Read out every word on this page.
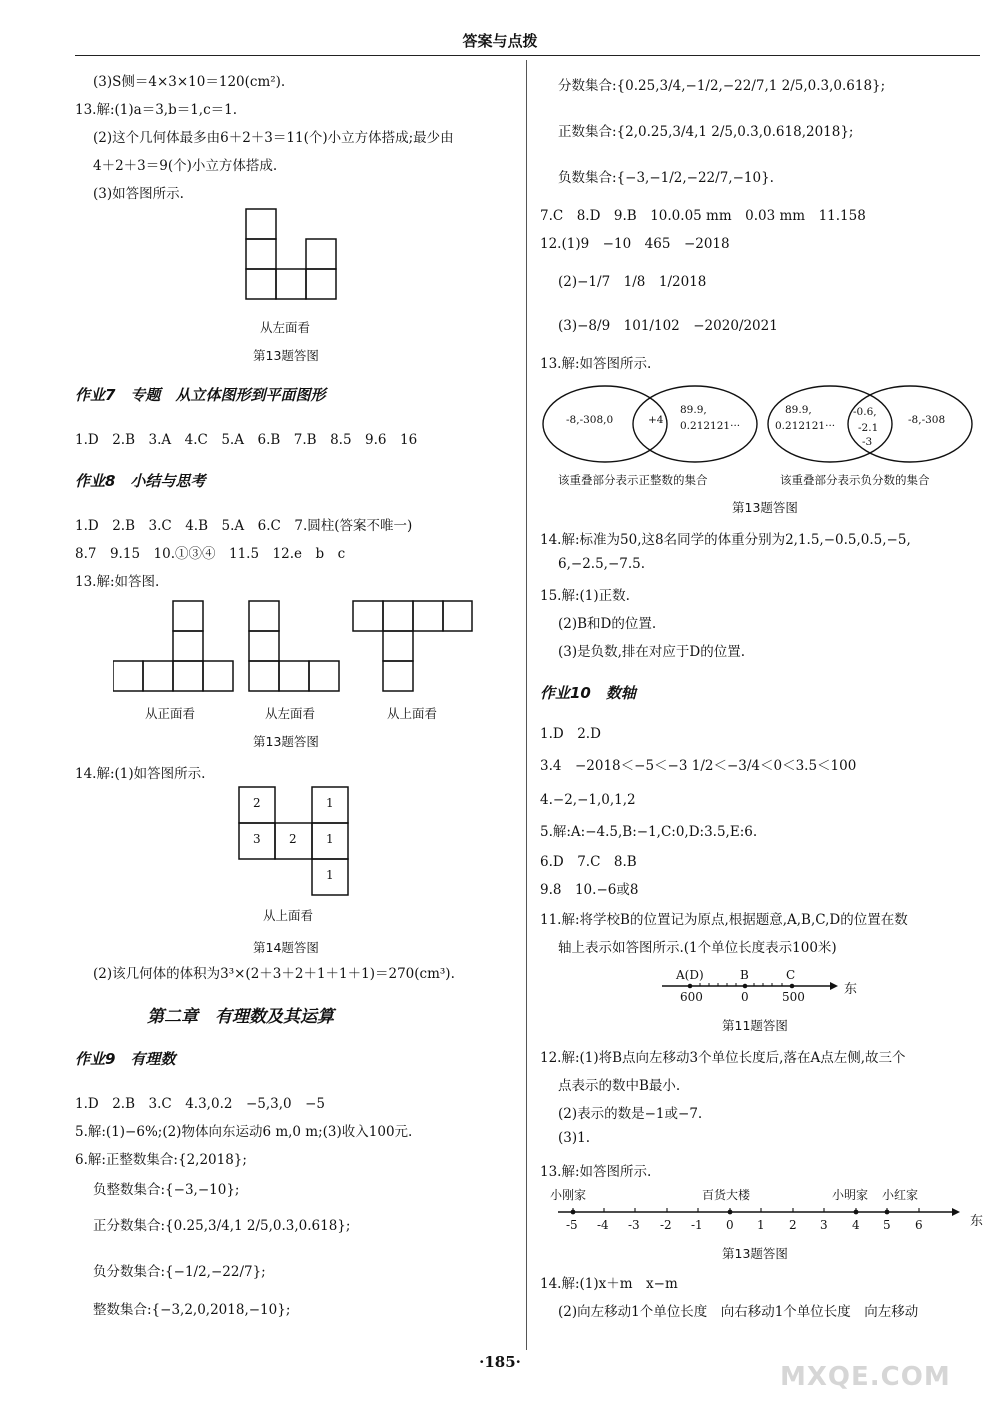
答案与点拨
(3)S侧＝4×3×10＝120(cm²).
13.解:(1)a＝3,b＝1,c＝1.
(2)这个几何体最多由6＋2＋3＝11(个)小立方体搭成;最少由
4＋2＋3＝9(个)小立方体搭成.
(3)如答图所示.
从左面看
第13题答图
作业7　专题　从立体图形到平面图形
1.D　2.B　3.A　4.C　5.A　6.B　7.B　8.5　9.6　16
作业8　小结与思考
1.D　2.B　3.C　4.B　5.A　6.C　7.圆柱(答案不唯一)
8.7　9.15　10.①③④　11.5　12.e　b　c
13.解:如答图.
从正面看	从左面看	从上面看
第13题答图
14.解:(1)如答图所示.
2	1
3 2 1
1
从上面看
第14题答图
(2)该几何体的体积为3³×(2＋3＋2＋1＋1＋1)＝270(cm³).
第二章　有理数及其运算
作业9　有理数
1.D　2.B　3.C　4.3,0.2　−5,3,0　−5
5.解:(1)−6%;(2)物体向东运动6 m,0 m;(3)收入100元.
6.解:正整数集合:{2,2018};
负整数集合:{−3,−10};
正分数集合:{0.25,3/4,1 2/5,0.3̇,0.618};
负分数集合:{−1/2,−22/7};
整数集合:{−3,2,0,2018,−10};
分数集合:{0.25,3/4,−1/2,−22/7,1 2/5,0.3̇,0.618};
正数集合:{2,0.25,3/4,1 2/5,0.3̇,0.618,2018};
负数集合:{−3,−1/2,−22/7,−10}.
7.C　8.D　9.B　10.0.05 mm　0.03 mm　11.158
12.(1)9　−10　465　−2018
(2)−1/7　1/8　1/2018
(3)−8/9　101/102　−2020/2021
13.解:如答图所示.
-8,-308,0	+4
89.9,
0.212121···
89.9,
0.212121···
-0.6,
-2.1
-3
-8,-308
该重叠部分表示正整数的集合	该重叠部分表示负分数的集合
第13题答图
14.解:标准为50,这8名同学的体重分别为2,1.5,−0.5,0.5,−5,
6,−2.5,−7.5.
15.解:(1)正数.
(2)B和D的位置.
(3)是负数,排在对应于D的位置.
作业10　数轴
1.D　2.D
3.4　−2018＜−5＜−3 1/2＜−3/4＜0＜3.5＜100
4.−2,−1,0,1,2
5.解:A:−4.5,B:−1,C:0,D:3.5,E:6.
6.D　7.C　8.B
9.8　10.−6或8
11.解:将学校B的位置记为原点,根据题意,A,B,C,D的位置在数
轴上表示如答图所示.(1个单位长度表示100米)
A(D)	B	C
600	0	500	东
第11题答图
12.解:(1)将B点向左移动3个单位长度后,落在A点左侧,故三个
点表示的数中B最小.
(2)表示的数是−1或−7.
(3)1.
13.解:如答图所示.
小刚家	百货大楼	小明家 小红家
-5 -4 -3 -2 -1 0 1 2 3 4 5 6	东
第13题答图
14.解:(1)x＋m　x−m
(2)向左移动1个单位长度　向右移动1个单位长度　向左移动
·185·	MXQE.COM
